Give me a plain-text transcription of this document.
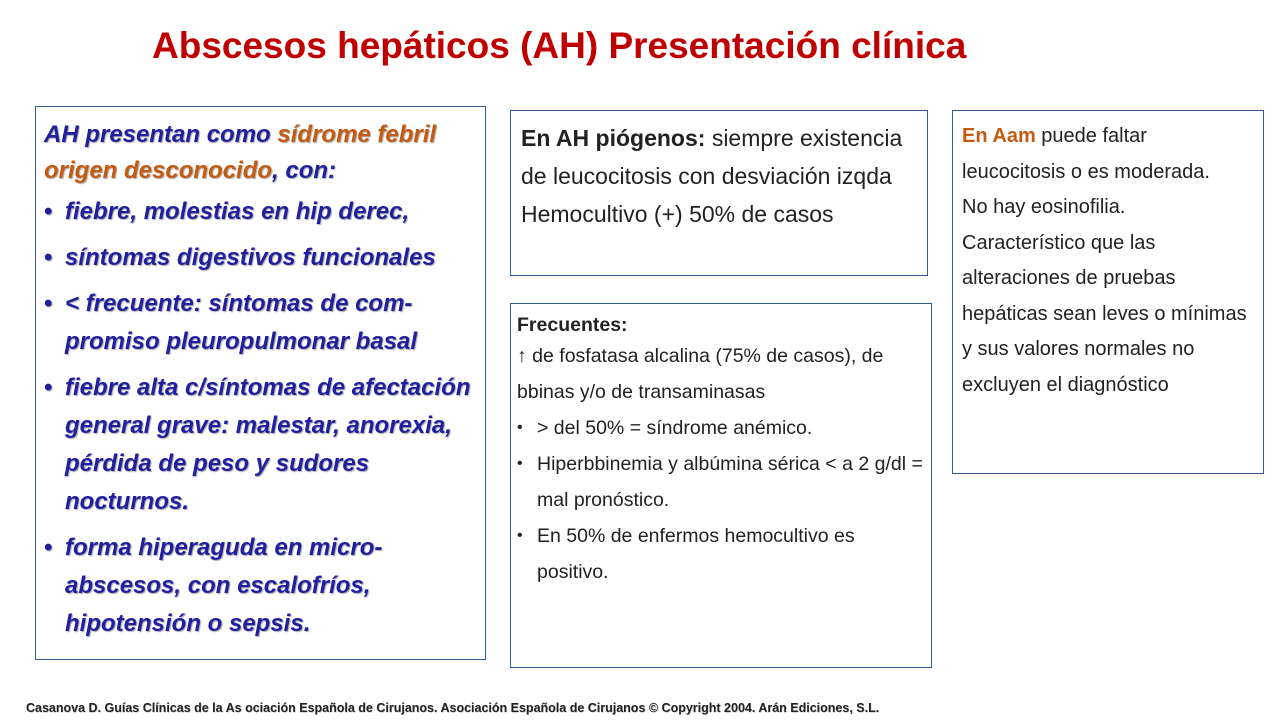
Abscesos hepáticos (AH) Presentación clínica

AH presentan como sídrome febril origen desconocido, con:

• fiebre, molestias en hip derec,
• síntomas digestivos funcionales
• < frecuente: síntomas de com-promiso pleuropulmonar basal
• fiebre alta c/síntomas de afectación general grave: malestar, anorexia, pérdida de peso y sudores nocturnos.
• forma hiperaguda en micro-abscesos, con escalofríos, hipotensión o sepsis.
En AH piógenos: siempre existencia de leucocitosis con desviación izqda Hemocultivo (+) 50% de casos

Frecuentes:

↑ de fosfatasa alcalina (75% de casos), de bbinas y/o de transaminasas

• > del 50% = síndrome anémico.
• Hiperbbinemia y albúmina sérica < a 2 g/dl = mal pronóstico.
• En 50% de enfermos hemocultivo es positivo.

En Aam puede faltar leucocitosis o es moderada.

No hay eosinofilia.

Característico que las alteraciones de pruebas hepáticas sean leves o mínimas y sus valores normales no excluyen el diagnóstico

Casanova D. Guías Clínicas de la As ociación Española de Cirujanos. Asociación Española de Cirujanos © Copyright 2004. Arán Ediciones, S.L.
